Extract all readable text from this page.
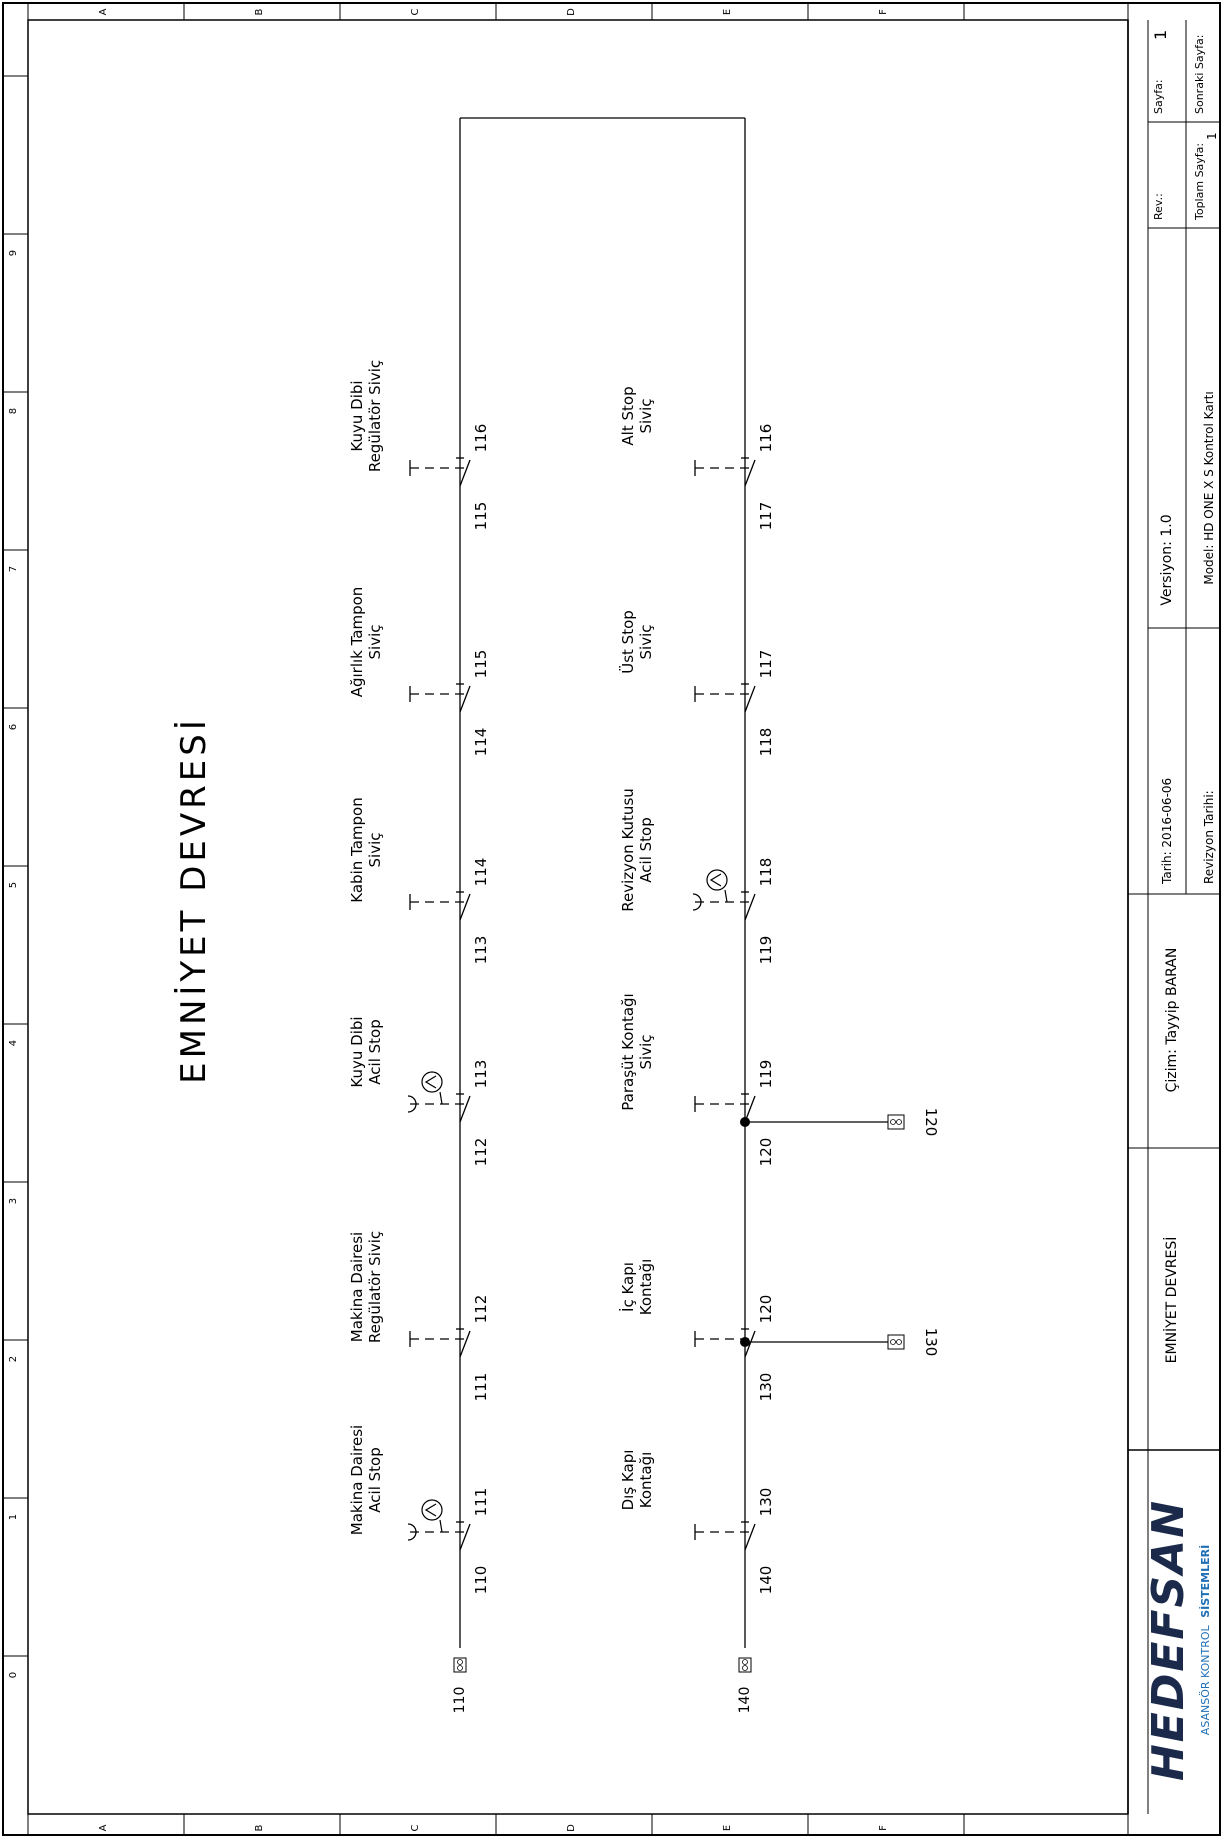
A
A
B
B
C
C
D
D
E
E
F
F
0
1
2
3
4
5
6
7
8
9
EMNİYET DEVRESİ
110
111
Makina Dairesi Acil Stop
111
112
Makina Dairesi Regülatör Siviç
112
113
Kuyu Dibi Acil Stop
113
114
Kabin Tampon Siviç
114
115
Ağırlık Tampon Siviç
115
116
Kuyu Dibi Regülatör Siviç
110
140
130
Dış Kapı Kontağı
130
120
İç Kapı Kontağı
120
119
Paraşüt Kontağı Siviç
119
118
Revizyon Kutusu Acil Stop
118
117
Üst Stop Siviç
117
116
Alt Stop Siviç
140
130
120
HEDEFSAN ASANSÖR KONTROL SİSTEMLERİ
EMNİYET DEVRESİ
Çizim: Tayyip BARAN
Tarih: 2016-06-06 Revizyon Tarihi:
Versiyon: 1.0 Model: HD ONE X S Kontrol Kartı
Rev.:	Toplam Sayfa:
1
Sayfa:
1 Sonraki Sayfa:
